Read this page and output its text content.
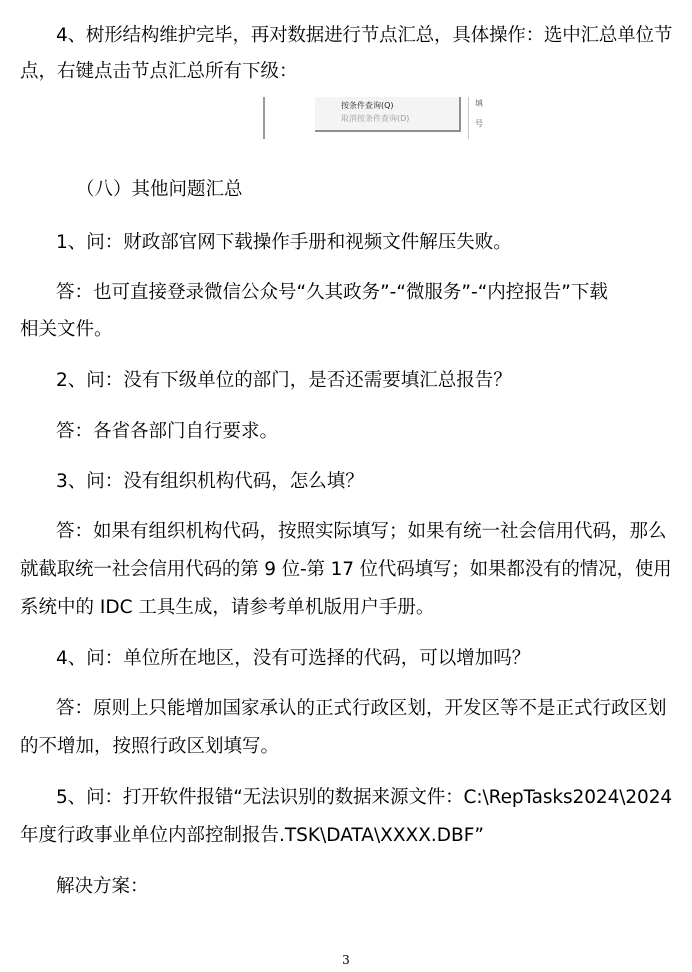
4、树形结构维护完毕，再对数据进行节点汇总，具体操作：选中汇总单位节
点，右键点击节点汇总所有下级：
按条件查询(Q)
取消按条件查询(D)
填
号
（八）其他问题汇总
1、问：财政部官网下载操作手册和视频文件解压失败。
答：也可直接登录微信公众号“久其政务”-“微服务”-“内控报告”下载
相关文件。
2、问：没有下级单位的部门，是否还需要填汇总报告？
答：各省各部门自行要求。
3、问：没有组织机构代码，怎么填？
答：如果有组织机构代码，按照实际填写；如果有统一社会信用代码，那么
就截取统一社会信用代码的第 9 位-第 17 位代码填写；如果都没有的情况，使用
系统中的 IDC 工具生成，请参考单机版用户手册。
4、问：单位所在地区，没有可选择的代码，可以增加吗？
答：原则上只能增加国家承认的正式行政区划，开发区等不是正式行政区划
的不增加，按照行政区划填写。
5、问：打开软件报错“无法识别的数据来源文件：C:\RepTasks2024\2024
年度行政事业单位内部控制报告.TSK\DATA\XXXX.DBF”
解决方案：
3
